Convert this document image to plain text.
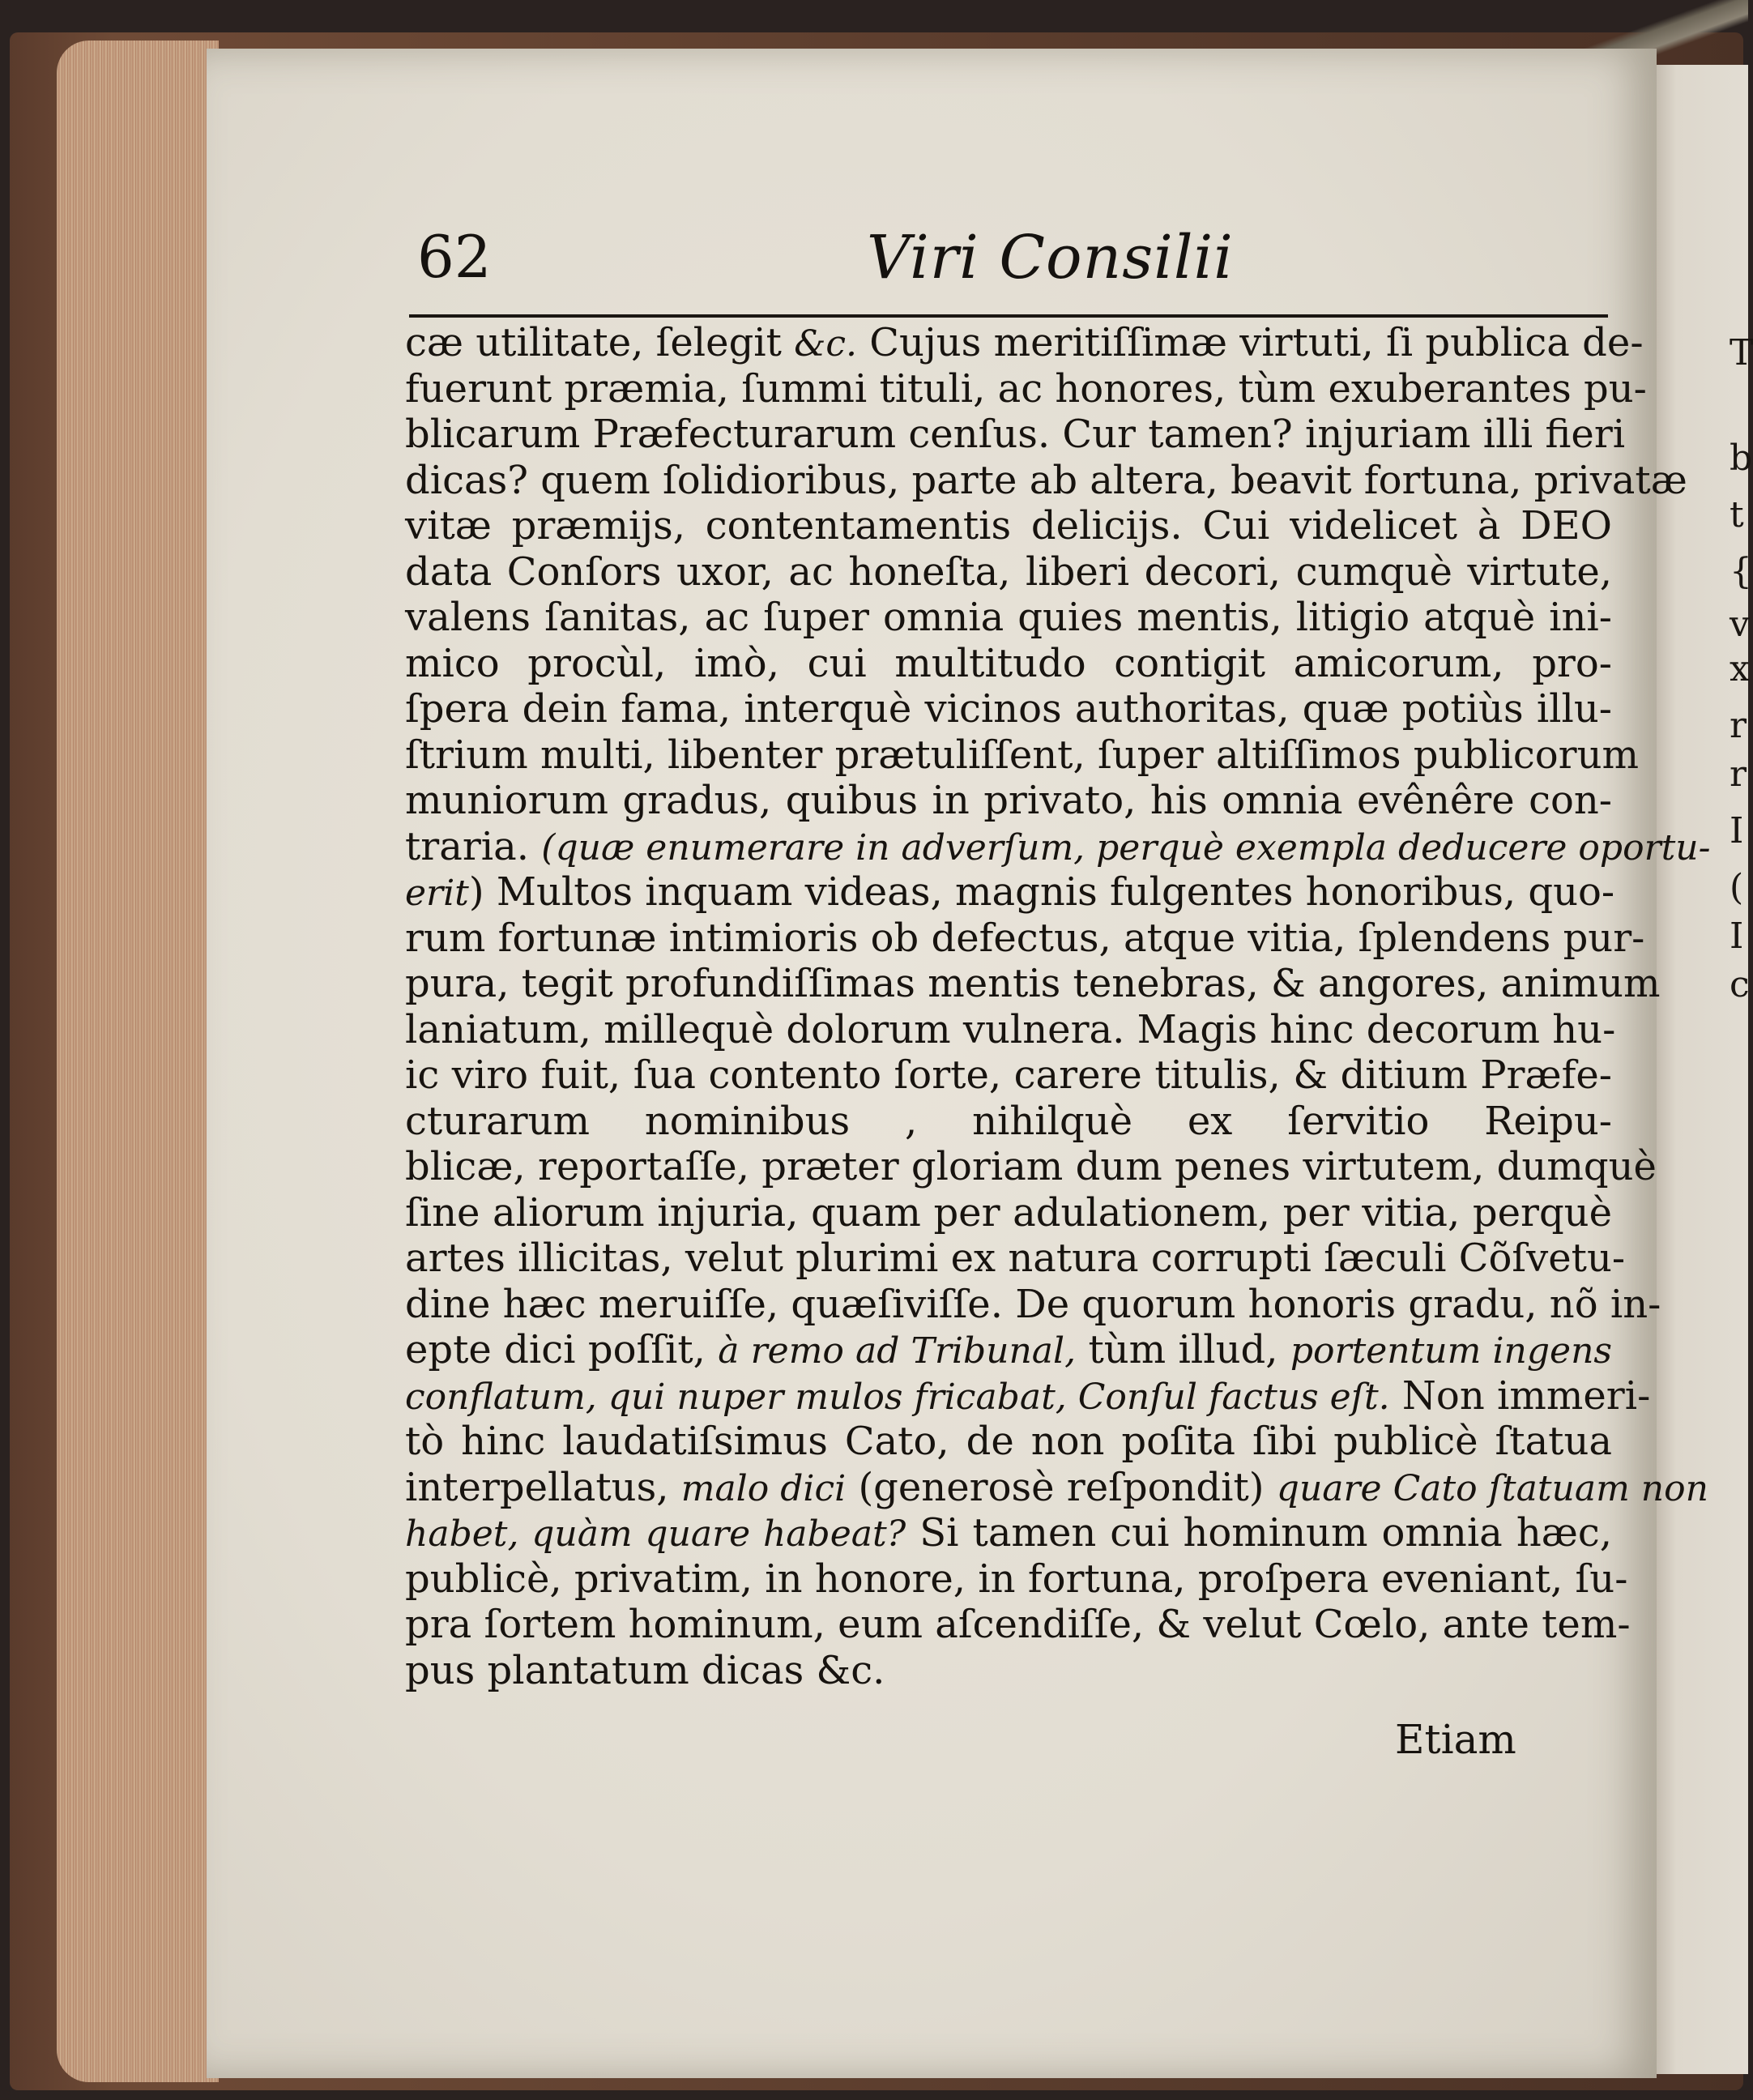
T
b
t
{
v
x
r
r
I
(
I
c
62	Viri Consilii
cæ utilitate, ſelegit &c. Cujus meritiſſimæ virtuti, ſi publica de-
fuerunt præmia, ſummi tituli, ac honores, tùm exuberantes pu-
blicarum Præfecturarum cenſus. Cur tamen? injuriam illi fieri
dicas? quem ſolidioribus, parte ab altera, beavit fortuna, privatæ
vitæ præmijs, contentamentis delicijs. Cui videlicet à DEO
data Conſors uxor, ac honeſta, liberi decori, cumquè virtute,
valens ſanitas, ac ſuper omnia quies mentis, litigio atquè ini-
mico procùl, imò, cui multitudo contigit amicorum, pro-
ſpera dein fama, interquè vicinos authoritas, quæ potiùs illu-
ſtrium multi, libenter prætuliſſent, ſuper altiſſimos publicorum
muniorum gradus, quibus in privato, his omnia evênêre con-
traria. (quæ enumerare in adverſum, perquè exempla deducere oportu-
erit) Multos inquam videas, magnis fulgentes honoribus, quo-
rum fortunæ intimioris ob defectus, atque vitia, ſplendens pur-
pura, tegit profundiſſimas mentis tenebras, & angores, animum
laniatum, millequè dolorum vulnera. Magis hinc decorum hu-
ic viro fuit, ſua contento ſorte, carere titulis, & ditium Præfe-
cturarum nominibus , nihilquè ex ſervitio Reipu-
blicæ, reportaſſe, præter gloriam dum penes virtutem, dumquè
ſine aliorum injuria, quam per adulationem, per vitia, perquè
artes illicitas, velut plurimi ex natura corrupti ſæculi Cõſvetu-
dine hæc meruiſſe, quæſiviſſe. De quorum honoris gradu, nõ in-
epte dici poſſit, à remo ad Tribunal, tùm illud, portentum ingens
conflatum, qui nuper mulos fricabat, Conſul factus eſt. Non immeri-
tò hinc laudatiſsimus Cato, de non poſita ſibi publicè ſtatua
interpellatus, malo dici (generosè reſpondit) quare Cato ſtatuam non
habet, quàm quare habeat? Si tamen cui hominum omnia hæc,
publicè, privatim, in honore, in fortuna, proſpera eveniant, ſu-
pra ſortem hominum, eum aſcendiſſe, & velut Cœlo, ante tem-
pus plantatum dicas &c.
Etiam
